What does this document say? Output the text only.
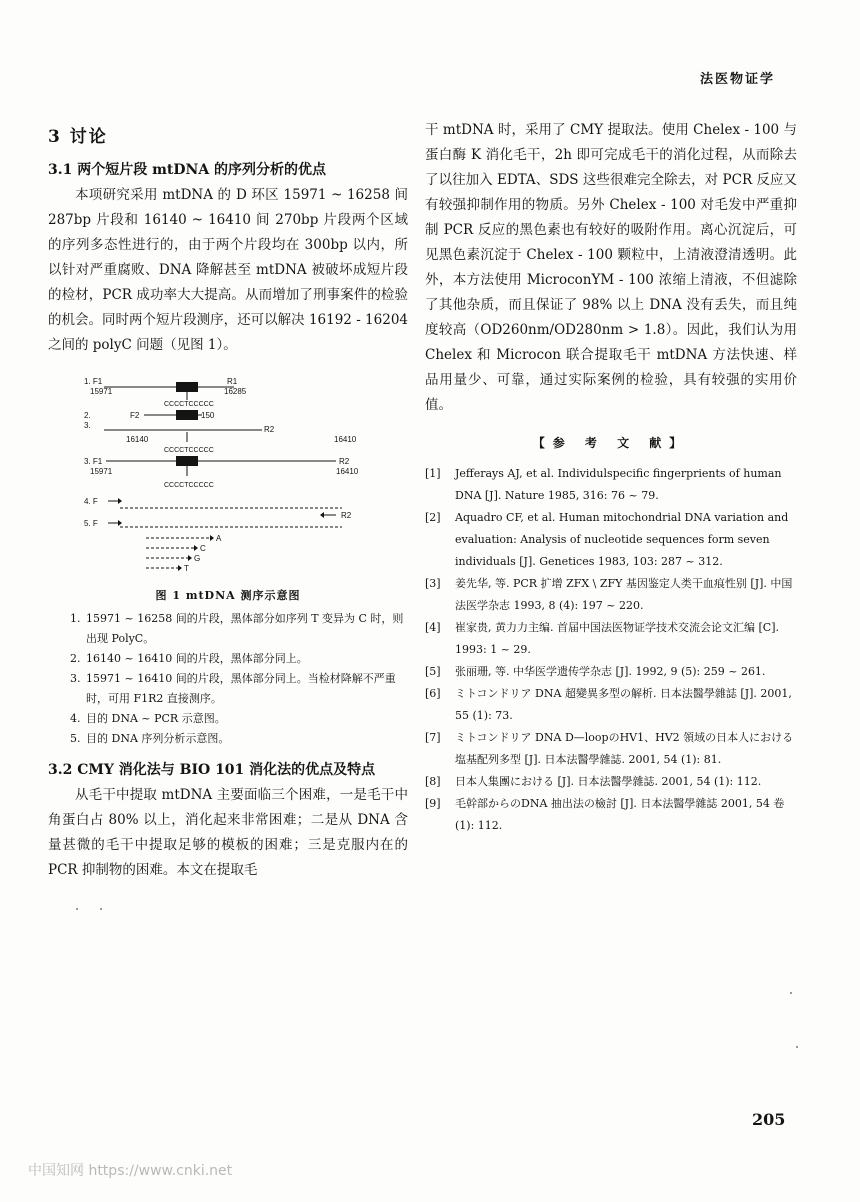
法医物证学
3 讨论
3.1 两个短片段 mtDNA 的序列分析的优点

本项研究采用 mtDNA 的 D 环区 15971 ~ 16258 间 287bp 片段和 16140 ~ 16410 间 270bp 片段两个区域的序列多态性进行的，由于两个片段均在 300bp 以内，所以针对严重腐败、DNA 降解甚至 mtDNA 被破坏成短片段的检材，PCR 成功率大大提高。从而增加了刑事案件的检验的机会。同时两个短片段测序，还可以解决 16192 - 16204 之间的 polyC 问题（见图 1）。

1. F1
15971
R1
16285
CCCCTCCCCC
2.	F2	150
3.	R2
16140	16410
CCCCTCCCCC
3. F1
15971
R2
16410
CCCCTCCCCC
4. F
R2
5. F
A
C
G
T
图 1 mtDNA 测序示意图
1. 15971 ~ 16258 间的片段，黑体部分如序列 T 变异为 C 时，则出现 PolyC。
2. 16140 ~ 16410 间的片段，黑体部分同上。
3. 15971 ~ 16410 间的片段，黑体部分同上。当检材降解不严重时，可用 F1R2 直接测序。
4. 目的 DNA ~ PCR 示意图。
5. 目的 DNA 序列分析示意图。
3.2 CMY 消化法与 BIO 101 消化法的优点及特点

从毛干中提取 mtDNA 主要面临三个困难，一是毛干中角蛋白占 80% 以上，消化起来非常困难；二是从 DNA 含量甚微的毛干中提取足够的模板的困难；三是克服内在的 PCR 抑制物的困难。本文在提取毛

干 mtDNA 时，采用了 CMY 提取法。使用 Chelex - 100 与蛋白酶 K 消化毛干，2h 即可完成毛干的消化过程，从而除去了以往加入 EDTA、SDS 这些很难完全除去，对 PCR 反应又有较强抑制作用的物质。另外 Chelex - 100 对毛发中严重抑制 PCR 反应的黑色素也有较好的吸附作用。离心沉淀后，可见黑色素沉淀于 Chelex - 100 颗粒中，上清液澄清透明。此外，本方法使用 MicroconYM - 100 浓缩上清液，不但滤除了其他杂质，而且保证了 98% 以上 DNA 没有丢失，而且纯度较高（OD260nm/OD280nm > 1.8）。因此，我们认为用 Chelex 和 Microcon 联合提取毛干 mtDNA 方法快速、样品用量少、可靠，通过实际案例的检验，具有较强的实用价值。

【参 考 文 献】

[1] Jefferays AJ, et al. Individulspecific fingerprients of human DNA [J]. Nature 1985, 316: 76 ~ 79.

[2] Aquadro CF, et al. Human mitochondrial DNA variation and evaluation: Analysis of nucleotide sequences form seven individuals [J]. Genetices 1983, 103: 287 ~ 312.

[3] 姜先华, 等. PCR 扩增 ZFX \ ZFY 基因鉴定人类干血痕性别 [J]. 中国法医学杂志 1993, 8 (4): 197 ~ 220.

[4] 崔家贵, 黄力力主编. 首届中国法医物证学技术交流会论文汇编 [C]. 1993: 1 ~ 29.

[5] 张丽珊, 等. 中华医学遗传学杂志 [J]. 1992, 9 (5): 259 ~ 261.

[6] ミトコンドリア DNA 超變異多型の解析. 日本法醫學雜誌 [J]. 2001, 55 (1): 73.

[7] ミトコンドリア DNA D—loopのHV1、HV2 領域の日本人における塩基配列多型 [J]. 日本法醫學雜誌. 2001, 54 (1): 81.

[8] 日本人集團における [J]. 日本法醫學雜誌. 2001, 54 (1): 112.

[9] 毛幹部からのDNA 抽出法の檢討 [J]. 日本法醫學雜誌 2001, 54 卷 (1): 112.

205
中国知网 https://www.cnki.net
